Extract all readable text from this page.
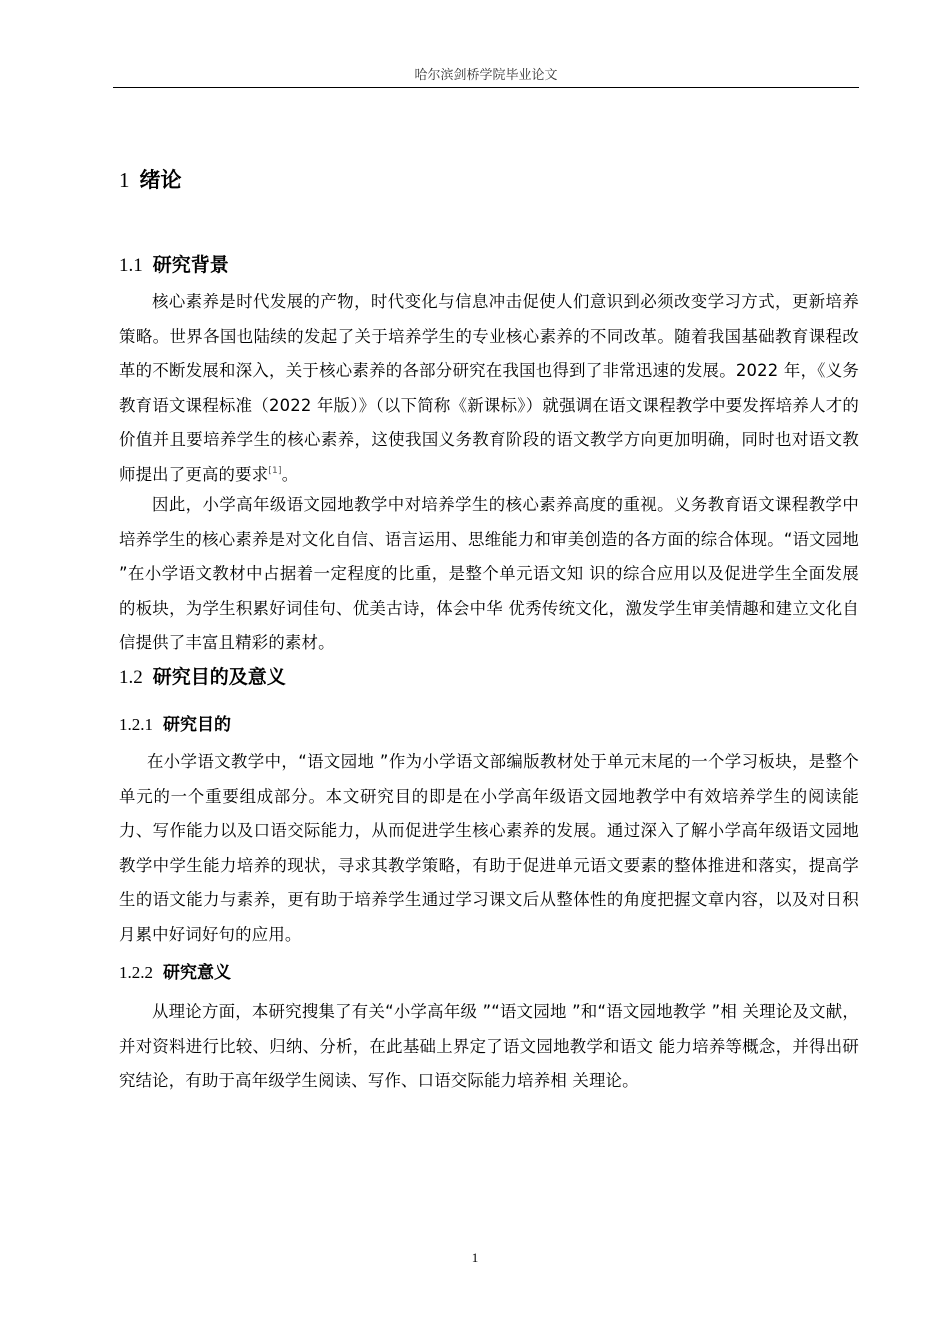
哈尔滨剑桥学院毕业论文
1 绪论
1.1 研究背景

核心素养是时代发展的产物，时代变化与信息冲击促使人们意识到必须改变学习方式，更新培养策略。世界各国也陆续的发起了关于培养学生的专业核心素养的不同改革。随着我国基础教育课程改革的不断发展和深入，关于核心素养的各部分研究在我国也得到了非常迅速的发展。2022 年，《义务教育语文课程标准（2022 年版）》（以下简称《新课标》）就强调在语文课程教学中要发挥培养人才的价值并且要培养学生的核心素养，这使我国义务教育阶段的语文教学方向更加明确，同时也对语文教师提出了更高的要求[1]。

因此，小学高年级语文园地教学中对培养学生的核心素养高度的重视。义务教育语文课程教学中培养学生的核心素养是对文化自信、语言运用、思维能力和审美创造的各方面的综合体现。“语文园地 ”在小学语文教材中占据着一定程度的比重，是整个单元语文知 识的综合应用以及促进学生全面发展的板块，为学生积累好词佳句、优美古诗，体会中华 优秀传统文化，激发学生审美情趣和建立文化自信提供了丰富且精彩的素材。

1.2 研究目的及意义
1.2.1 研究目的

在小学语文教学中，“语文园地 ”作为小学语文部编版教材处于单元末尾的一个学习板块，是整个单元的一个重要组成部分。本文研究目的即是在小学高年级语文园地教学中有效培养学生的阅读能力、写作能力以及口语交际能力，从而促进学生核心素养的发展。通过深入了解小学高年级语文园地教学中学生能力培养的现状，寻求其教学策略，有助于促进单元语文要素的整体推进和落实，提高学生的语文能力与素养，更有助于培养学生通过学习课文后从整体性的角度把握文章内容，以及对日积月累中好词好句的应用。

1.2.2 研究意义

从理论方面，本研究搜集了有关“小学高年级 ”“语文园地 ”和“语文园地教学 ”相 关理论及文献，并对资料进行比较、归纳、分析，在此基础上界定了语文园地教学和语文 能力培养等概念，并得出研究结论，有助于高年级学生阅读、写作、口语交际能力培养相 关理论。

1
